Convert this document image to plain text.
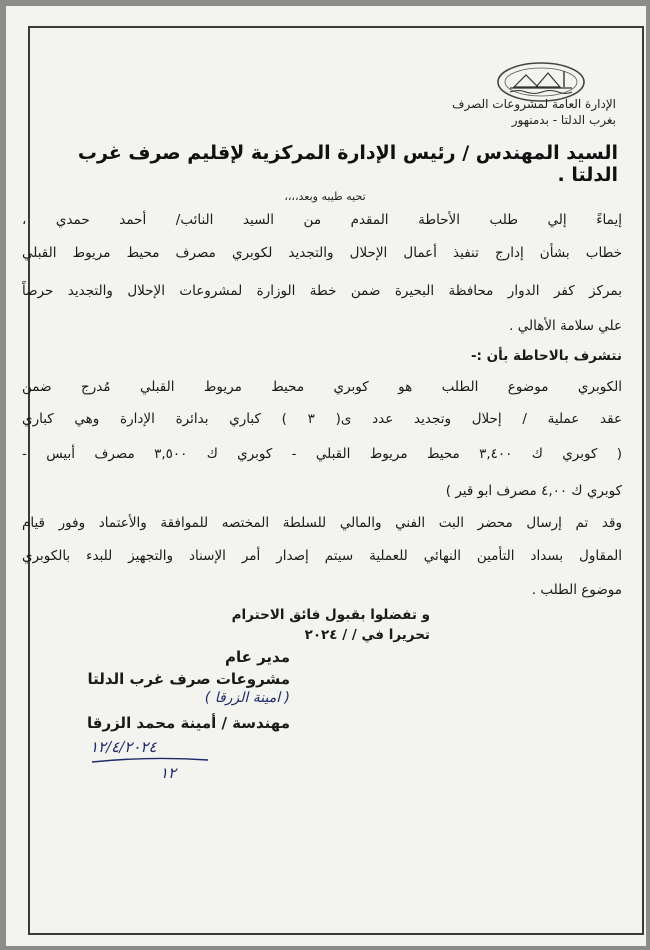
الإدارة العامة لمشروعات الصرف
بغرب الدلتا - بدمنهور
السيد المهندس / رئيس الإدارة المركزية لإقليم صرف غرب الدلتا .
تحيه طيبه وبعد،،،،
إيماءً إلي طلب الأحاطة المقدم من السيد النائب/ أحمد حمدي ،
خطاب بشأن إدارج تنفيذ أعمال الإحلال والتجديد لكوبري مصرف محيط مريوط القبلي
بمركز كفر الدوار محافظة البحيرة ضمن خطة الوزارة لمشروعات الإحلال والتجديد حرصاً
علي سلامة الأهالي .
نتشرف بالاحاطة بأن :-
الكوبري موضوع الطلب هو كوبري محيط مريوط القبلي مُدرج ضمن
عقد عملية / إحلال وتجديد عدد ى( ٣ ) كباري بدائرة الإدارة وهي كباري
( كوبري ك ٣,٤٠٠ محيط مريوط القبلي - كوبري ك ٣,٥٠٠ مصرف أبيس -
كوبري ك ٤,٠٠ مصرف ابو قير )
وقد تم إرسال محضر البت الفني والمالي للسلطة المختصه للموافقة والأعتماد وفور قيام
المقاول بسداد التأمين النهائي للعملية سيتم إصدار أمر الإسناد والتجهيز للبدء بالكوبري
موضوع الطلب .
و تفضلوا بقبول فائق الاحترام
تحريرا في / / ٢٠٢٤
مدير عام
مشروعات صرف غرب الدلتا
( امينة الزرقا )
مهندسة / أمينة محمد الزرقا
١٢/٤/٢٠٢٤
١٢
